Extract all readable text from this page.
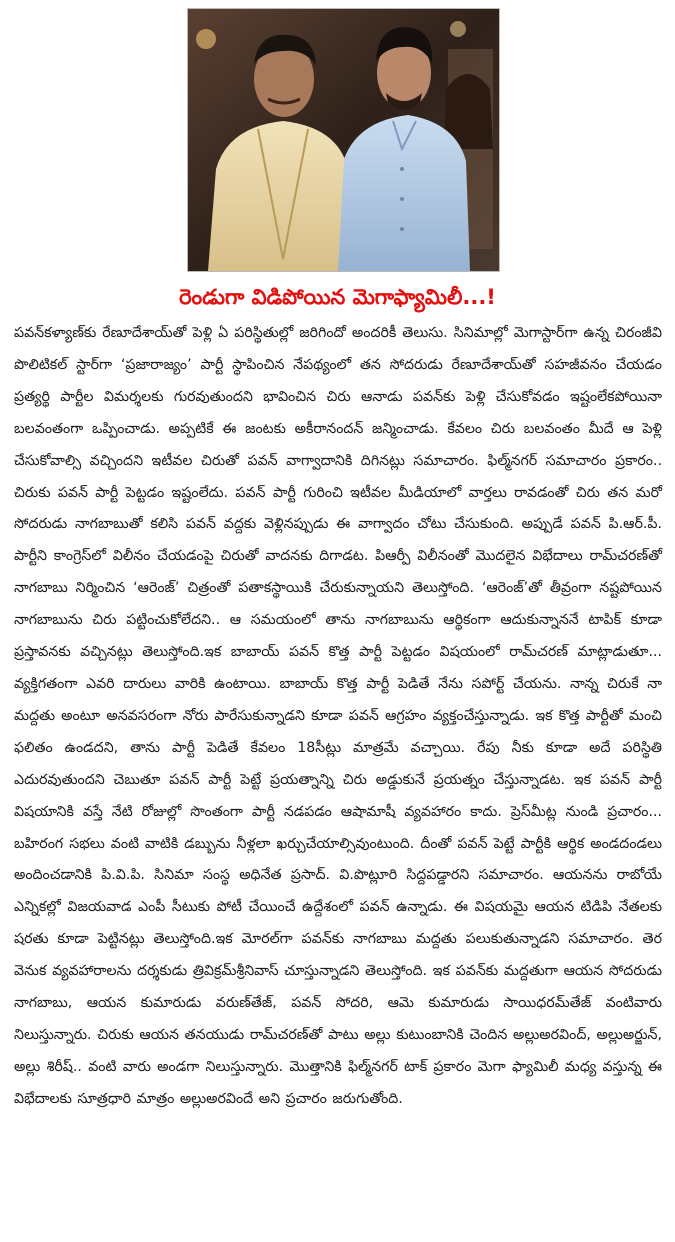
రెండుగా విడిపోయిన మెగాఫ్యామిలీ...!

పవన్‌కళ్యాణ్‌కు రేణూదేశాయ్‌తో పెళ్లి ఏ పరిస్థితుల్లో జరిగిందో అందరికీ తెలుసు. సినిమాల్లో మెగాస్టార్‌గా ఉన్న చిరంజీవి పొలిటికల్ స్టార్‌గా ‘ప్రజారాజ్యం’ పార్టీ స్థాపించిన నేపథ్యంలో తన సోదరుడు రేణూదేశాయ్‌తో సహజీవనం చేయడం ప్రత్యర్థి పార్టీల విమర్శలకు గురవుతుందని భావించిన చిరు ఆనాడు పవన్‌కు పెళ్లి చేసుకోవడం ఇష్టంలేకపోయినా బలవంతంగా ఒప్పించాడు. అప్పటికే ఈ జంటకు అకీరానందన్ జన్మించాడు. కేవలం చిరు బలవంతం మీదే ఆ పెళ్లి చేసుకోవాల్సి వచ్చిందని ఇటీవల చిరుతో పవన్ వాగ్వాదానికి దిగినట్లు సమాచారం. ఫిల్మ్‌నగర్ సమాచారం ప్రకారం.. చిరుకు పవన్ పార్టీ పెట్టడం ఇష్టంలేదు. పవన్ పార్టీ గురించి ఇటీవల మీడియాలో వార్తలు రావడంతో చిరు తన మరో సోదరుడు నాగబాబుతో కలిసి పవన్ వద్దకు వెళ్లినప్పుడు ఈ వాగ్వాదం చోటు చేసుకుంది. అప్పుడే పవన్ పి.ఆర్.పీ. పార్టీని కాంగ్రెస్‌లో విలీనం చేయడంపై చిరుతో వాదనకు దిగాడట. పిఆర్పీ విలీనంతో మొదలైన విభేదాలు రామ్‌చరణ్‌తో నాగబాబు నిర్మించిన ‘ఆరెంజ్’ చిత్రంతో పతాకస్థాయికి చేరుకున్నాయని తెలుస్తోంది. ‘ఆరెంజ్’తో తీవ్రంగా నష్టపోయిన నాగబాబును చిరు పట్టించుకోలేదని.. ఆ సమయంలో తాను నాగబాబును ఆర్థికంగా ఆదుకున్నాననే టాపిక్ కూడా ప్రస్తావనకు వచ్చినట్లు తెలుస్తోంది.ఇక బాబాయ్ పవన్ కొత్త పార్టీ పెట్టడం విషయంలో రామ్‌చరణ్ మాట్లాడుతూ... వ్యక్తిగతంగా ఎవరి దారులు వారికి ఉంటాయి. బాబాయ్ కొత్త పార్టీ పెడితే నేను సపోర్ట్ చేయను. నాన్న చిరుకే నా మద్దతు అంటూ అనవసరంగా నోరు పారేసుకున్నాడని కూడా పవన్ ఆగ్రహం వ్యక్తంచేస్తున్నాడు. ఇక కొత్త పార్టీతో మంచి ఫలితం ఉండదని, తాను పార్టీ పెడితే కేవలం 18సీట్లు మాత్రమే వచ్చాయి. రేపు నీకు కూడా అదే పరిస్థితి ఎదురవుతుందని చెబుతూ పవన్ పార్టీ పెట్టే ప్రయత్నాన్ని చిరు అడ్డుకునే ప్రయత్నం చేస్తున్నాడట. ఇక పవన్ పార్టీ విషయానికి వస్తే నేటి రోజుల్లో సొంతంగా పార్టీ నడపడం ఆషామాషీ వ్యవహారం కాదు. ప్రెస్‌మీట్ల నుండి ప్రచారం... బహిరంగ సభలు వంటి వాటికి డబ్బును నీళ్లలా ఖర్చుచేయాల్సివుంటుంది. దీంతో పవన్ పెట్టే పార్టీకి ఆర్థిక అండదండలు అందించడానికి పి.వి.పి. సినిమా సంస్థ అధినేత ప్రసాద్. వి.పొట్లూరి సిద్దపడ్డారని సమాచారం. ఆయనను రాబోయే ఎన్నికల్లో విజయవాడ ఎంపీ సీటుకు పోటీ చేయించే ఉద్దేశంలో పవన్ ఉన్నాడు. ఈ విషయమై ఆయన టిడిపి నేతలకు షరతు కూడా పెట్టినట్లు తెలుస్తోంది.ఇక మోరల్‌గా పవన్‌కు నాగబాబు మద్దతు పలుకుతున్నాడని సమాచారం. తెర వెనుక వ్యవహారాలను దర్శకుడు త్రివిక్రమ్‌శ్రీనివాస్ చూస్తున్నాడని తెలుస్తోంది. ఇక పవన్‌కు మద్దతుగా ఆయన సోదరుడు నాగబాబు, ఆయన కుమారుడు వరుణ్‌తేజ్, పవన్ సోదరి, ఆమె కుమారుడు సాయిధరమ్‌తేజ్ వంటివారు నిలుస్తున్నారు. చిరుకు ఆయన తనయుడు రామ్‌చరణ్‌తో పాటు అల్లు కుటుంబానికి చెందిన అల్లుఅరవింద్, అల్లుఅర్జున్, అల్లు శిరీష్.. వంటి వారు అండగా నిలుస్తున్నారు. మొత్తానికి ఫిల్మ్‌నగర్ టాక్ ప్రకారం మెగా ఫ్యామిలీ మధ్య వస్తున్న ఈ విభేదాలకు సూత్రధారి మాత్రం అల్లుఅరవిందే అని ప్రచారం జరుగుతోంది.
